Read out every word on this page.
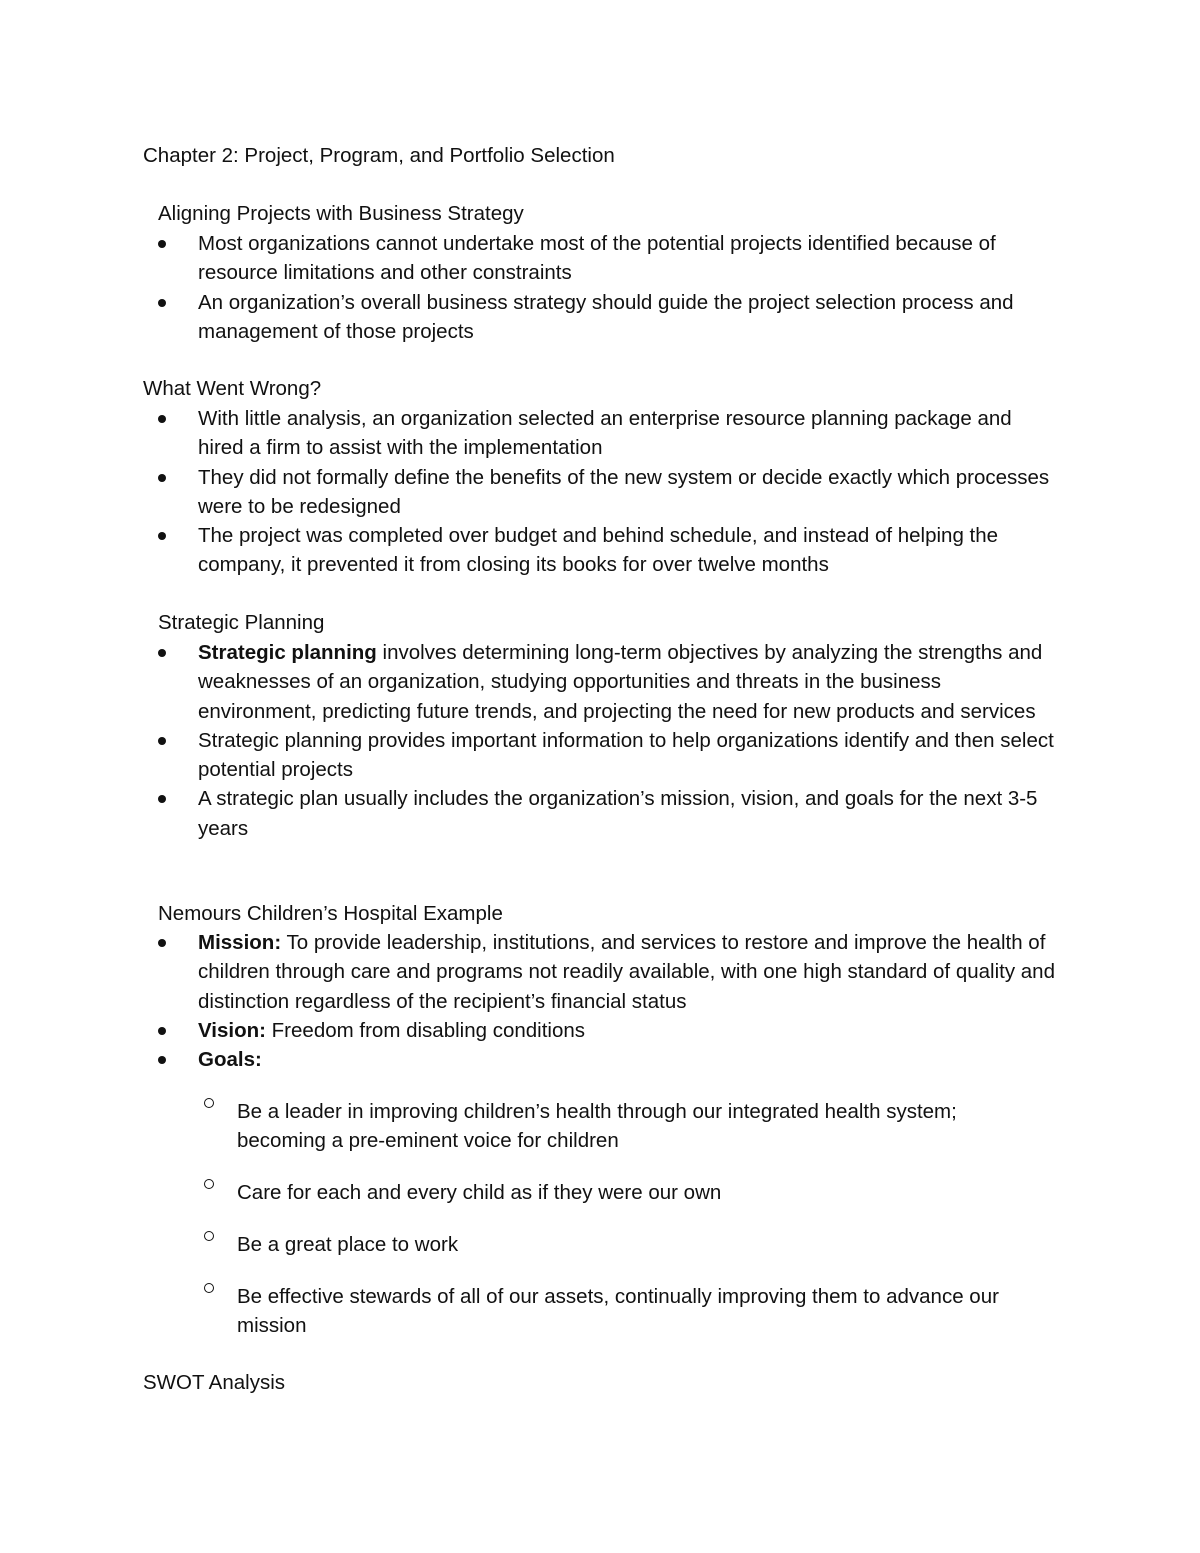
Chapter 2: Project, Program, and Portfolio Selection

Aligning Projects with Business Strategy

Most organizations cannot undertake most of the potential projects identified because of resource limitations and other constraints
An organization’s overall business strategy should guide the project selection process and management of those projects

What Went Wrong?

With little analysis, an organization selected an enterprise resource planning package and hired a firm to assist with the implementation
They did not formally define the benefits of the new system or decide exactly which processes were to be redesigned
The project was completed over budget and behind schedule, and instead of helping the company, it prevented it from closing its books for over twelve months

Strategic Planning

Strategic planning involves determining long-term objectives by analyzing the strengths and weaknesses of an organization, studying opportunities and threats in the business environment, predicting future trends, and projecting the need for new products and services
Strategic planning provides important information to help organizations identify and then select potential projects
A strategic plan usually includes the organization’s mission, vision, and goals for the next 3-5 years

Nemours Children’s Hospital Example

Mission: To provide leadership, institutions, and services to restore and improve the health of children through care and programs not readily available, with one high standard of quality and distinction regardless of the recipient’s financial status
Vision: Freedom from disabling conditions
Goals:
Be a leader in improving children’s health through our integrated health system; becoming a pre-eminent voice for children
Care for each and every child as if they were our own
Be a great place to work
Be effective stewards of all of our assets, continually improving them to advance our mission

SWOT Analysis
